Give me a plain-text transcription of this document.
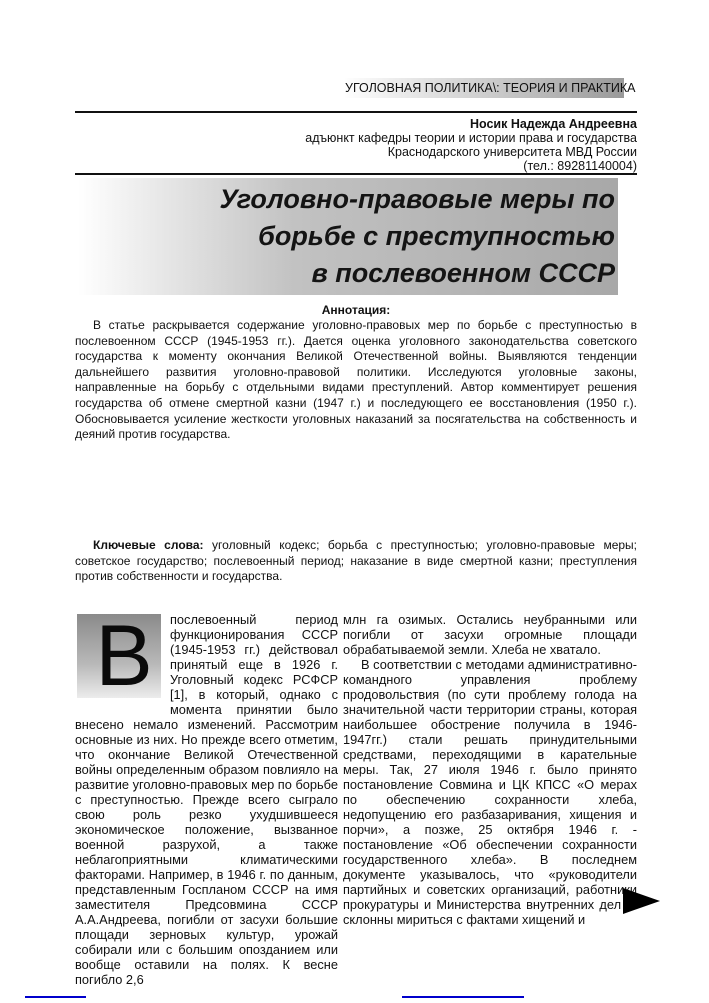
УГОЛОВНАЯ ПОЛИТИКА\: ТЕОРИЯ И ПРАКТИКА
Носик Надежда Андреевна
адъюнкт кафедры теории и истории права и государства
Краснодарского университета МВД России
(тел.: 89281140004)
Уголовно-правовые меры по
борьбе с преступностью
в послевоенном СССР
Аннотация:

В статье раскрывается содержание уголовно-правовых мер по борьбе с преступностью в послевоенном СССР (1945-1953 гг.). Дается оценка уголовного законодательства советского государства к моменту окончания Великой Отечественной войны. Выявляются тенденции дальнейшего развития уголовно-правовой политики. Исследуются уголовные законы, направленные на борьбу с отдельными видами преступлений. Автор комментирует решения государства об отмене смертной казни (1947 г.) и последующего ее восстановления (1950 г.). Обосновывается усиление жесткости уголовных наказаний за посягательства на собственность и деяний против государства.

Ключевые слова: уголовный кодекс; борьба с преступностью; уголовно-правовые меры; советское государство; послевоенный период; наказание в виде смертной казни; преступления против собственности и государства.

В	послевоенный период функционирования СССР (1945-1953 гг.) действовал принятый еще в 1926 г. Уголовный кодекс РСФСР [1], в который, однако с момента принятии было внесено немало изменений. Рассмотрим основные из них. Но прежде всего отметим, что окончание Великой Отечественной войны определенным образом повлияло на развитие уголовно-правовых мер по борьбе с преступностью. Прежде всего сыграло свою роль резко ухудшившееся экономическое положение, вызванное военной разрухой, а также неблагоприятными климатическими факторами. Например, в 1946 г. по данным, представленным Госпланом СССР на имя заместителя Предсовмина СССР А.А.Андреева, погибли от засухи большие площади зерновых культур, урожай собирали или с большим опозданием или вообще оставили на полях. К весне погибло 2,6

млн га озимых. Остались неубранными или погибли от засухи огромные площади обрабатываемой земли. Хлеба не хватало.

В соответствии с методами административно-командного управления проблему продовольствия (по сути проблему голода на значительной части территории страны, которая наибольшее обострение получила в 1946-1947гг.) стали решать принудительными средствами, переходящими в карательные меры. Так, 27 июля 1946 г. было принято постановление Совмина и ЦК КПСС «О мерах по обеспечению сохранности хлеба, недопущению его разбазаривания, хищения и порчи», а позже, 25 октября 1946 г. - постановление «Об обеспечении сохранности государственного хлеба». В последнем документе указывалось, что «руководители партийных и советских организаций, работники прокуратуры и Министерства внутренних дел ... склонны мириться с фактами хищений и
